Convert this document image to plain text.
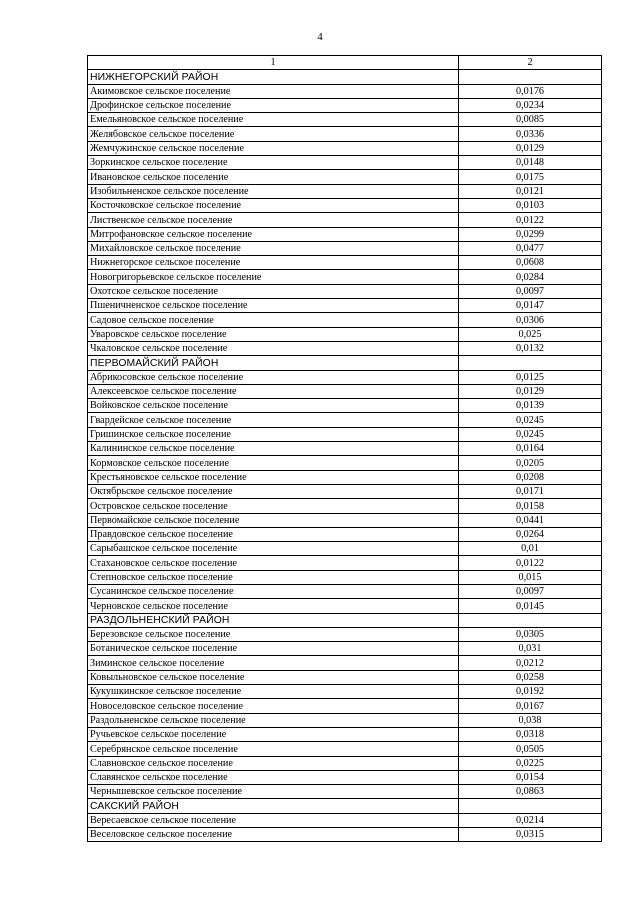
4
1	2
НИЖНЕГОРСКИЙ РАЙОН	
Акимовское сельское поселение	0,0176
Дрофинское сельское поселение	0,0234
Емельяновское сельское поселение	0,0085
Желябовское сельское поселение	0,0336
Жемчужинское сельское поселение	0,0129
Зоркинское сельское поселение	0,0148
Ивановское сельское поселение	0,0175
Изобильненское сельское поселение	0,0121
Косточковское сельское поселение	0,0103
Лиственское сельское поселение	0,0122
Митрофановское сельское поселение	0,0299
Михайловское сельское поселение	0,0477
Нижнегорское сельское поселение	0,0608
Новогригорьевское сельское поселение	0,0284
Охотское сельское поселение	0,0097
Пшеничненское сельское поселение	0,0147
Садовое сельское поселение	0,0306
Уваровское сельское поселение	0,025
Чкаловское сельское поселение	0,0132
ПЕРВОМАЙСКИЙ РАЙОН	
Абрикосовское сельское поселение	0,0125
Алексеевское сельское поселение	0,0129
Войковское сельское поселение	0,0139
Гвардейское сельское поселение	0,0245
Гришинское сельское поселение	0,0245
Калининское сельское поселение	0,0164
Кормовское сельское поселение	0,0205
Крестьяновское сельское поселение	0,0208
Октябрьское сельское поселение	0,0171
Островское сельское поселение	0,0158
Первомайское сельское поселение	0,0441
Правдовское сельское поселение	0,0264
Сарыбашское сельское поселение	0,01
Стахановское сельское поселение	0,0122
Степновское сельское поселение	0,015
Сусанинское сельское поселение	0,0097
Черновское сельское поселение	0,0145
РАЗДОЛЬНЕНСКИЙ РАЙОН	
Березовское сельское поселение	0,0305
Ботаническое сельское поселение	0,031
Зиминское сельское поселение	0,0212
Ковыльновское сельское поселение	0,0258
Кукушкинское сельское поселение	0,0192
Новоселовское сельское поселение	0,0167
Раздольненское сельское поселение	0,038
Ручьевское сельское поселение	0,0318
Серебрянское сельское поселение	0,0505
Славновское сельское поселение	0,0225
Славянское сельское поселение	0,0154
Чернышевское сельское поселение	0,0863
САКСКИЙ РАЙОН	
Вересаевское сельское поселение	0,0214
Веселовское сельское поселение	0,0315
